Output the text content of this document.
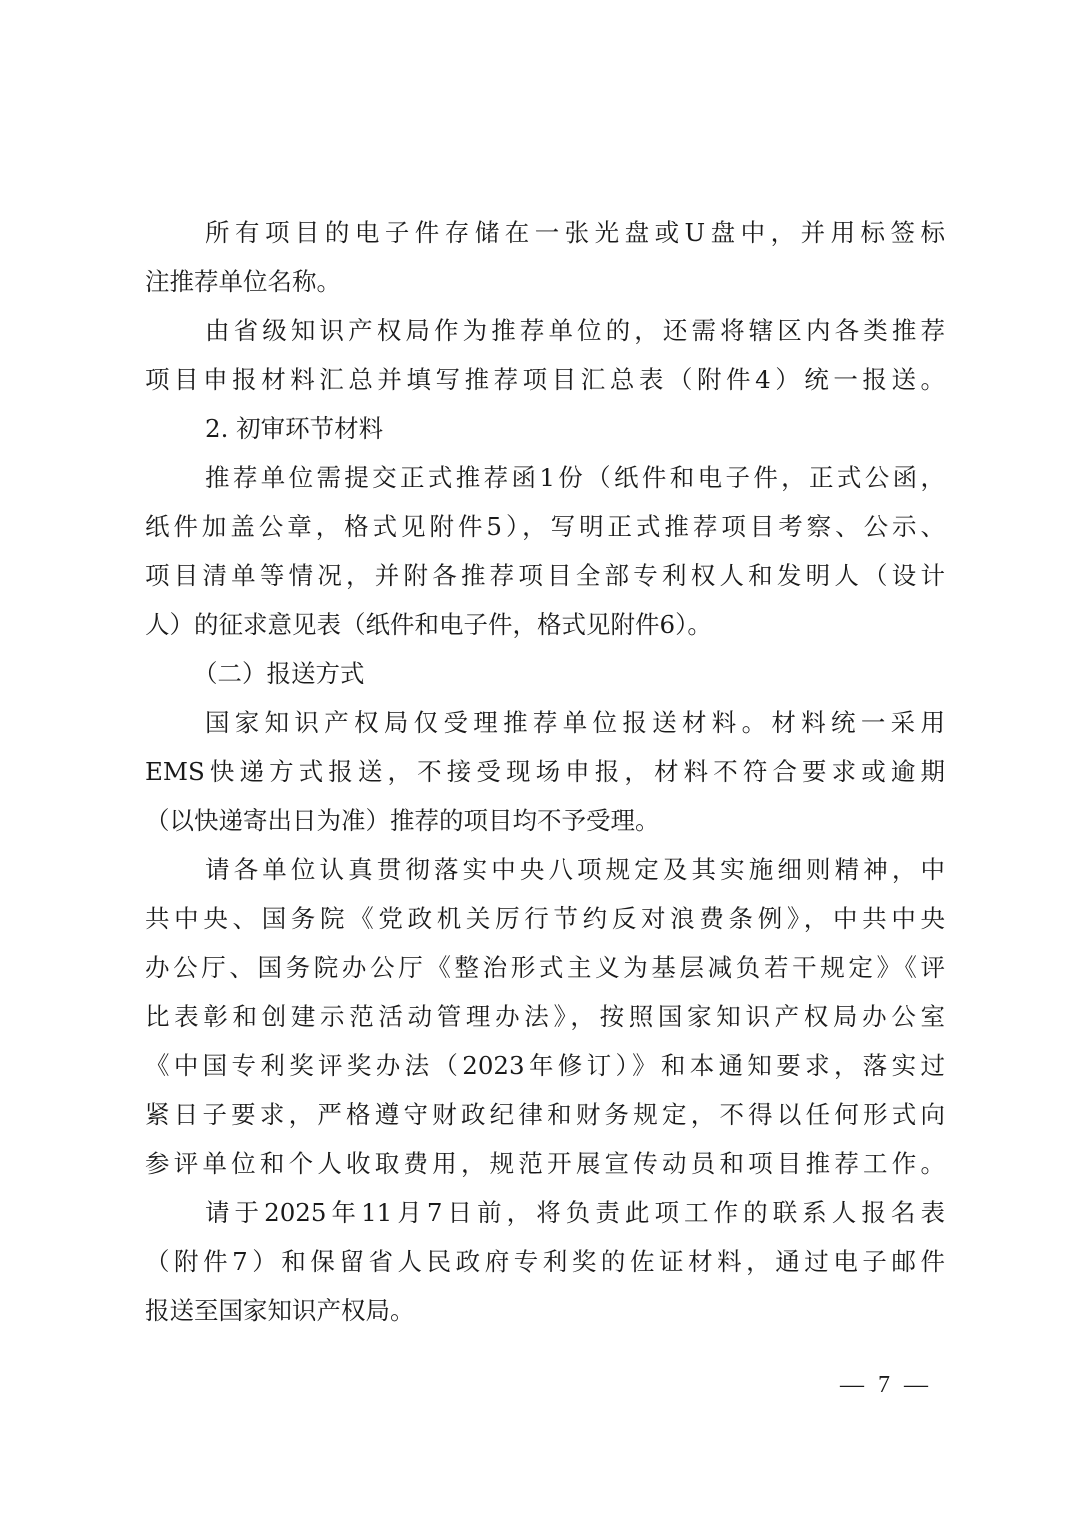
所有项目的电子件存储在一张光盘或U盘中，并用标签标
注推荐单位名称。
由省级知识产权局作为推荐单位的，还需将辖区内各类推荐
项目申报材料汇总并填写推荐项目汇总表（附件4）统一报送。
2. 初审环节材料
推荐单位需提交正式推荐函1份（纸件和电子件，正式公函，
纸件加盖公章，格式见附件5），写明正式推荐项目考察、公示、
项目清单等情况，并附各推荐项目全部专利权人和发明人（设计
人）的征求意见表（纸件和电子件，格式见附件6）。
（二）报送方式
国家知识产权局仅受理推荐单位报送材料。材料统一采用
EMS快递方式报送，不接受现场申报，材料不符合要求或逾期
（以快递寄出日为准）推荐的项目均不予受理。
请各单位认真贯彻落实中央八项规定及其实施细则精神，中
共中央、国务院《党政机关厉行节约反对浪费条例》，中共中央
办公厅、国务院办公厅《整治形式主义为基层减负若干规定》《评
比表彰和创建示范活动管理办法》，按照国家知识产权局办公室
《中国专利奖评奖办法（2023年修订）》和本通知要求，落实过
紧日子要求，严格遵守财政纪律和财务规定，不得以任何形式向
参评单位和个人收取费用，规范开展宣传动员和项目推荐工作。
请于2025年11月7日前，将负责此项工作的联系人报名表
（附件7）和保留省人民政府专利奖的佐证材料，通过电子邮件
报送至国家知识产权局。
— 7 —
